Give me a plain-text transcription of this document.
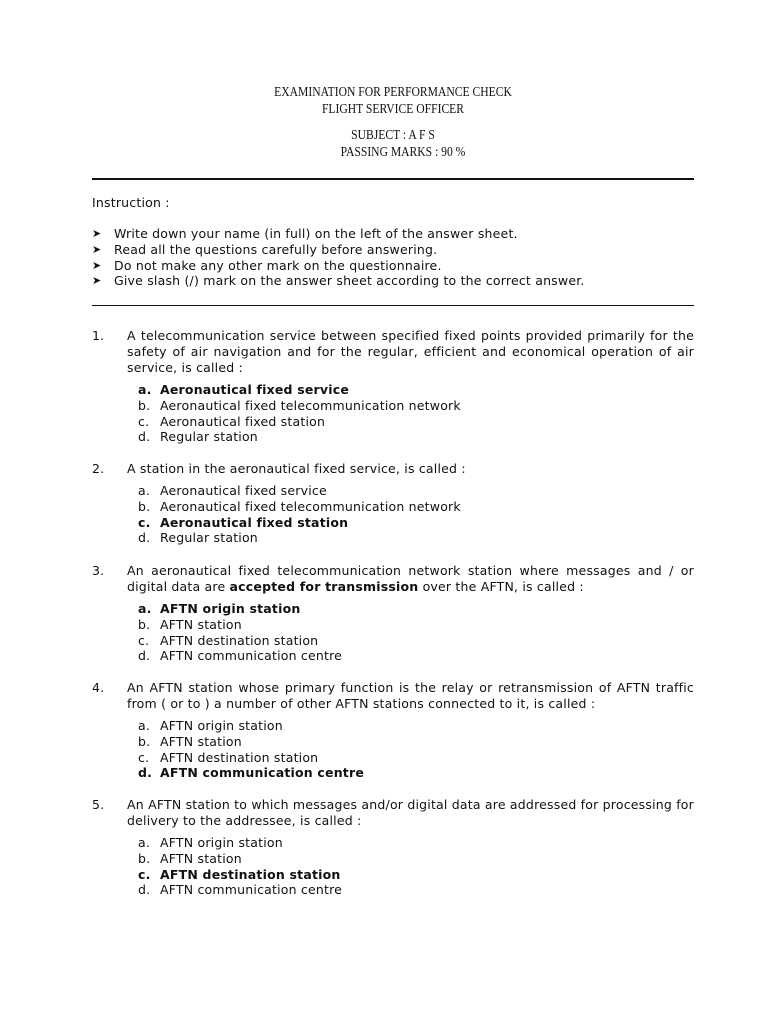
EXAMINATION FOR PERFORMANCE CHECK
FLIGHT SERVICE OFFICER
SUBJECT : A F S
PASSING MARKS : 90 %
Instruction :
➤	Write down your name (in full) on the left of the answer sheet.
➤	Read all the questions carefully before answering.
➤	Do not make any other mark on the questionnaire.
➤	Give slash (/) mark on the answer sheet according to the correct answer.
1.	A telecommunication service between specified fixed points provided primarily for the safety of air navigation and for the regular, efficient and economical operation of air service, is called :
a. Aeronautical fixed service
b. Aeronautical fixed telecommunication network
c. Aeronautical fixed station
d. Regular station
2.	A station in the aeronautical fixed service, is called :
a. Aeronautical fixed service
b. Aeronautical fixed telecommunication network
c. Aeronautical fixed station
d. Regular station
3.	An aeronautical fixed telecommunication network station where messages and / or digital data are accepted for transmission over the AFTN, is called :
a. AFTN origin station
b. AFTN station
c. AFTN destination station
d. AFTN communication centre
4.	An AFTN station whose primary function is the relay or retransmission of AFTN traffic from ( or to ) a number of other AFTN stations connected to it, is called :
a. AFTN origin station
b. AFTN station
c. AFTN destination station
d. AFTN communication centre
5.	An AFTN station to which messages and/or digital data are addressed for processing for delivery to the addressee, is called :
a. AFTN origin station
b. AFTN station
c. AFTN destination station
d. AFTN communication centre
